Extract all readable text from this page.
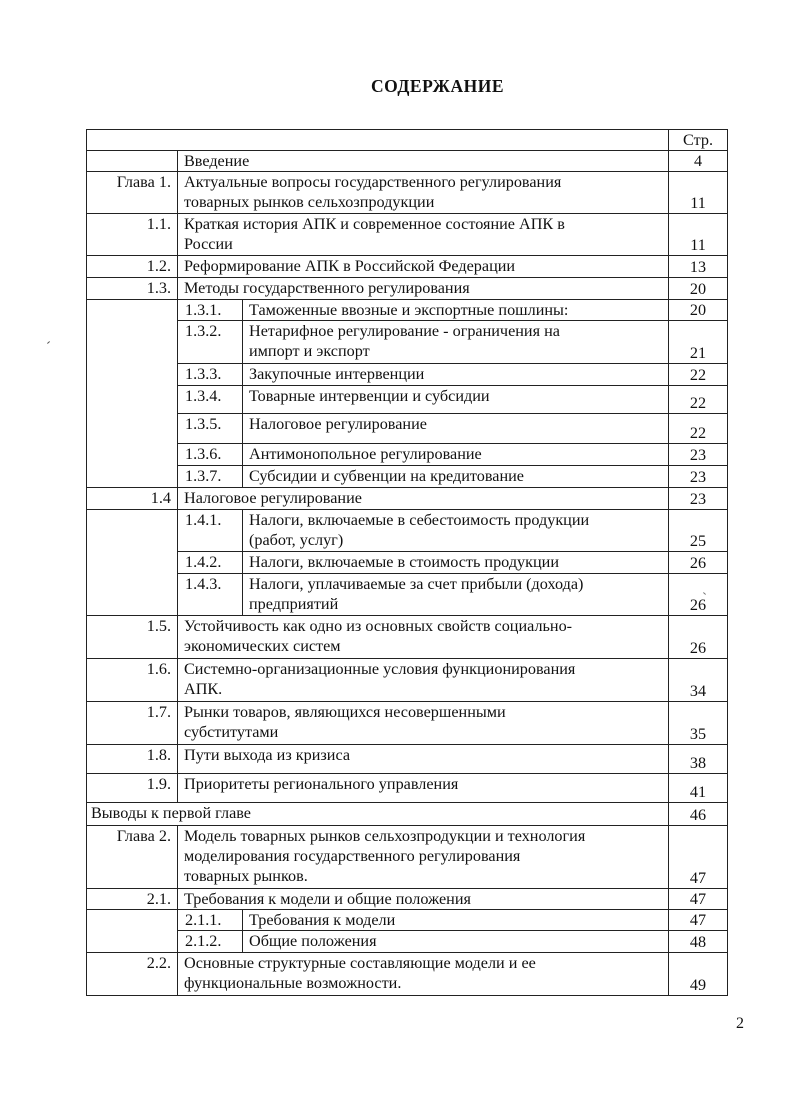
СОДЕРЖАНИЕ
			Стр.

	Введение		4
Глава 1.	Актуальные вопросы государственного регулирования
товарных рынков сельхозпродукции		11
1.1.	Краткая история АПК и современное состояние АПК в
России		11
1.2.	Реформирование АПК в Российской Федерации		13
1.3.	Методы государственного регулирования		20
	1.3.1.	Таможенные ввозные и экспортные пошлины:	20
	1.3.2.	Нетарифное регулирование - ограничения на
импорт и экспорт	21
	1.3.3.	Закупочные интервенции	22
	1.3.4.	Товарные интервенции и субсидии	22
	1.3.5.	Налоговое регулирование	22
	1.3.6.	Антимонопольное регулирование	23
	1.3.7.	Субсидии и субвенции на кредитование	23
1.4	Налоговое регулирование		23
	1.4.1.	Налоги, включаемые в себестоимость продукции
(работ, услуг)	25
	1.4.2.	Налоги, включаемые в стоимость продукции	26
	1.4.3.	Налоги, уплачиваемые за счет прибыли (дохода)
предприятий	26
1.5.	Устойчивость как одно из основных свойств социально-
экономических систем		26
1.6.	Системно-организационные условия функционирования
АПК.		34
1.7.	Рынки товаров, являющихся несовершенными
субститутами		35
1.8.	Пути выхода из кризиса		38
1.9.	Приоритеты регионального управления		41

Выводы к первой главе			46
Глава 2.	Модель товарных рынков сельхозпродукции и технология
моделирования государственного регулирования
товарных рынков.		47
2.1.	Требования к модели и общие положения		47
	2.1.1.	Требования к модели	47
	2.1.2.	Общие положения	48
2.2.	Основные структурные составляющие модели и ее
функциональные возможности.		49
2
